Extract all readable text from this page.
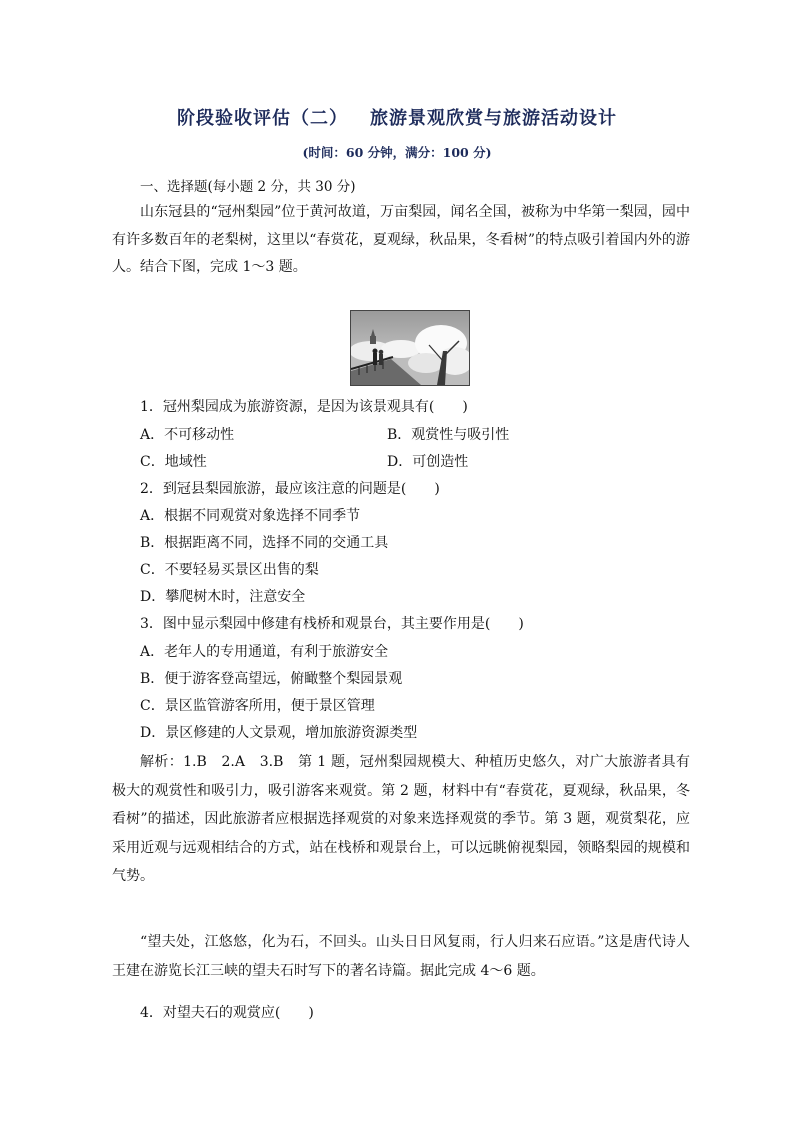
阶段验收评估（二） 旅游景观欣赏与旅游活动设计
(时间：60 分钟，满分：100 分)
一、选择题(每小题 2 分，共 30 分)
山东冠县的“冠州梨园”位于黄河故道，万亩梨园，闻名全国，被称为中华第一梨园，园中有许多数百年的老梨树，这里以“春赏花，夏观绿，秋品果，冬看树”的特点吸引着国内外的游人。结合下图，完成 1～3 题。
1．冠州梨园成为旅游资源，是因为该景观具有(　　)
A．不可移动性	B．观赏性与吸引性
C．地域性	D．可创造性
2．到冠县梨园旅游，最应该注意的问题是(　　)
A．根据不同观赏对象选择不同季节
B．根据距离不同，选择不同的交通工具
C．不要轻易买景区出售的梨
D．攀爬树木时，注意安全
3．图中显示梨园中修建有栈桥和观景台，其主要作用是(　　)
A．老年人的专用通道，有利于旅游安全
B．便于游客登高望远，俯瞰整个梨园景观
C．景区监管游客所用，便于景区管理
D．景区修建的人文景观，增加旅游资源类型
解析：1.B　2.A　3.B　第 1 题，冠州梨园规模大、种植历史悠久，对广大旅游者具有极大的观赏性和吸引力，吸引游客来观赏。第 2 题，材料中有“春赏花，夏观绿，秋品果，冬看树”的描述，因此旅游者应根据选择观赏的对象来选择观赏的季节。第 3 题，观赏梨花，应采用近观与远观相结合的方式，站在栈桥和观景台上，可以远眺俯视梨园，领略梨园的规模和气势。
“望夫处，江悠悠，化为石，不回头。山头日日风复雨，行人归来石应语。”这是唐代诗人王建在游览长江三峡的望夫石时写下的著名诗篇。据此完成 4～6 题。
4．对望夫石的观赏应(　　)
